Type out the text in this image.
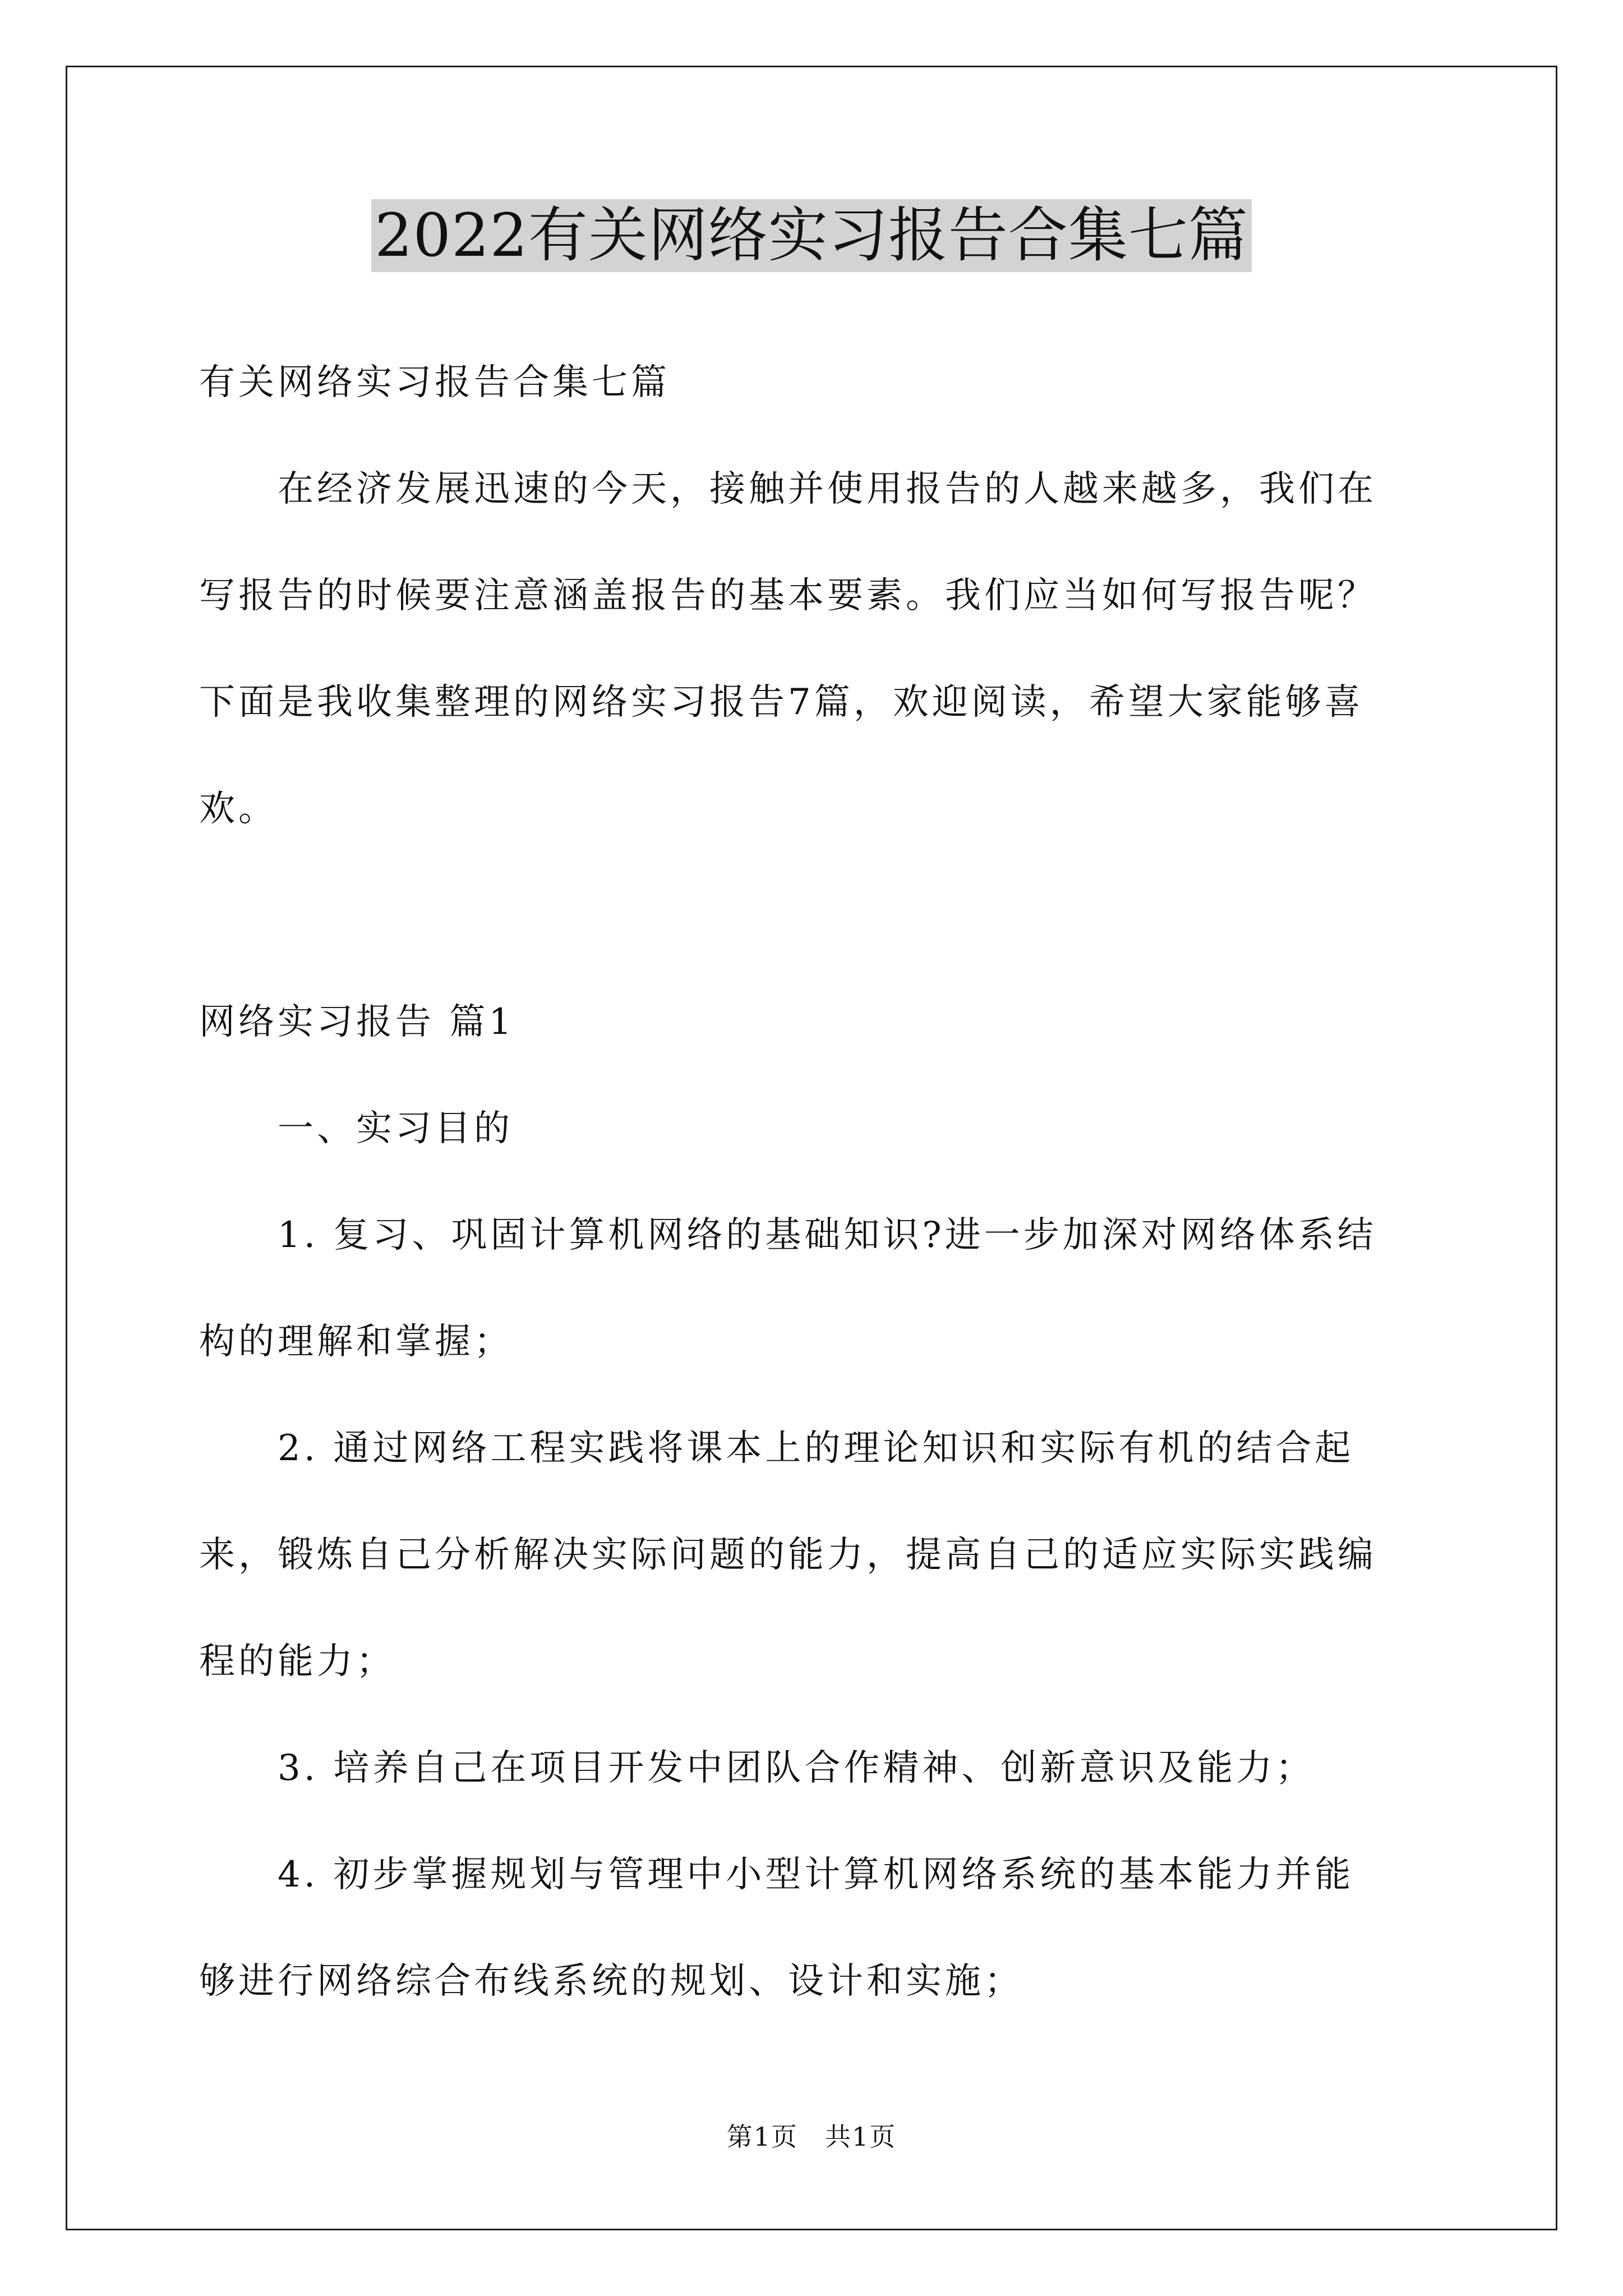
2022有关网络实习报告合集七篇
有关网络实习报告合集七篇
在经济发展迅速的今天，接触并使用报告的人越来越多，我们在
写报告的时候要注意涵盖报告的基本要素。我们应当如何写报告呢？
下面是我收集整理的网络实习报告7篇，欢迎阅读，希望大家能够喜
欢。
网络实习报告 篇1
一、实习目的
1. 复习、巩固计算机网络的基础知识?进一步加深对网络体系结
构的理解和掌握；
2. 通过网络工程实践将课本上的理论知识和实际有机的结合起
来，锻炼自己分析解决实际问题的能力，提高自己的适应实际实践编
程的能力；
3. 培养自己在项目开发中团队合作精神、创新意识及能力；
4. 初步掌握规划与管理中小型计算机网络系统的基本能力并能
够进行网络综合布线系统的规划、设计和实施；
第1页　共1页
